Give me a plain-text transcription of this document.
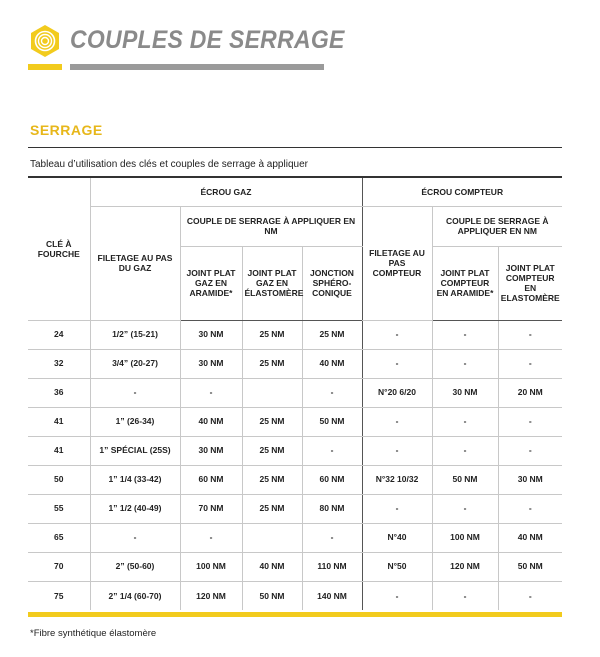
COUPLES DE SERRAGE
SERRAGE
Tableau d’utilisation des clés et couples de serrage à appliquer
CLÉ À FOURCHE	ÉCROU GAZ				ÉCROU COMPTEUR		
	FILETAGE AU PAS DU GAZ	COUPLE DE SERRAGE À APPLIQUER EN NM			FILETAGE AU PAS COMPTEUR	COUPLE DE SERRAGE À APPLIQUER EN NM	
		JOINT PLAT GAZ EN ARAMIDE*	JOINT PLAT GAZ EN ÉLASTOMÈRE	JONCTION SPHÉRO-CONIQUE		JOINT PLAT COMPTEUR EN ARAMIDE*	JOINT PLAT COMPTEUR EN ELASTOMÈRE
24	1/2” (15-21)	30 NM	25 NM	25 NM	-	-	-
32	3/4” (20-27)	30 NM	25 NM	40 NM	-	-	-
36	-	-		-	N°20 6/20	30 NM	20 NM
41	1” (26-34)	40 NM	25 NM	50 NM	-	-	-
41	1” SPÉCIAL (25S)	30 NM	25 NM	-	-	-	-
50	1” 1/4 (33-42)	60 NM	25 NM	60 NM	N°32 10/32	50 NM	30 NM
55	1” 1/2 (40-49)	70 NM	25 NM	80 NM	-	-	-
65	-	-		-	N°40	100 NM	40 NM
70	2” (50-60)	100 NM	40 NM	110 NM	N°50	120 NM	50 NM
75	2” 1/4 (60-70)	120 NM	50 NM	140 NM	-	-	-
*Fibre synthétique élastomère
